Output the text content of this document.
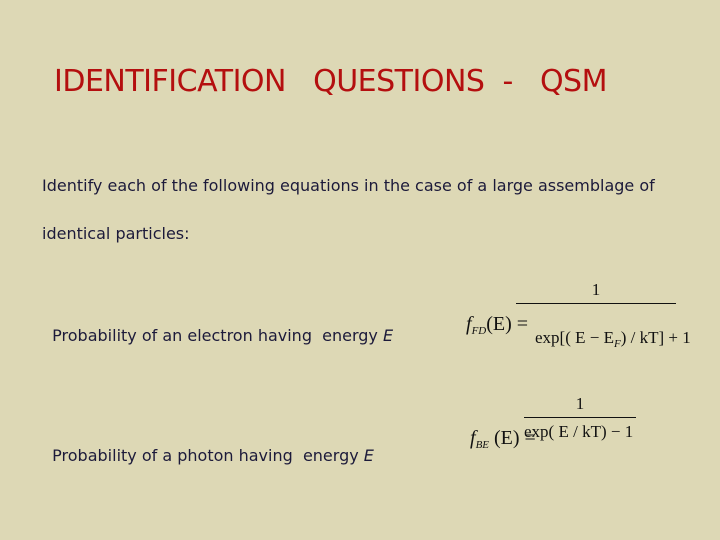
IDENTIFICATION   QUESTIONS  -   QSM
Identify each of the following equations in the case of a large assemblage of identical particles:

Probability of an electron having  energy E

$f_{FD}(E)$ =

1

exp[( $E - E_F) / kT] + 1$

Probability of a photon having  energy E

$f_{BE}$ (E) =

1
exp( E / kT) − 1
